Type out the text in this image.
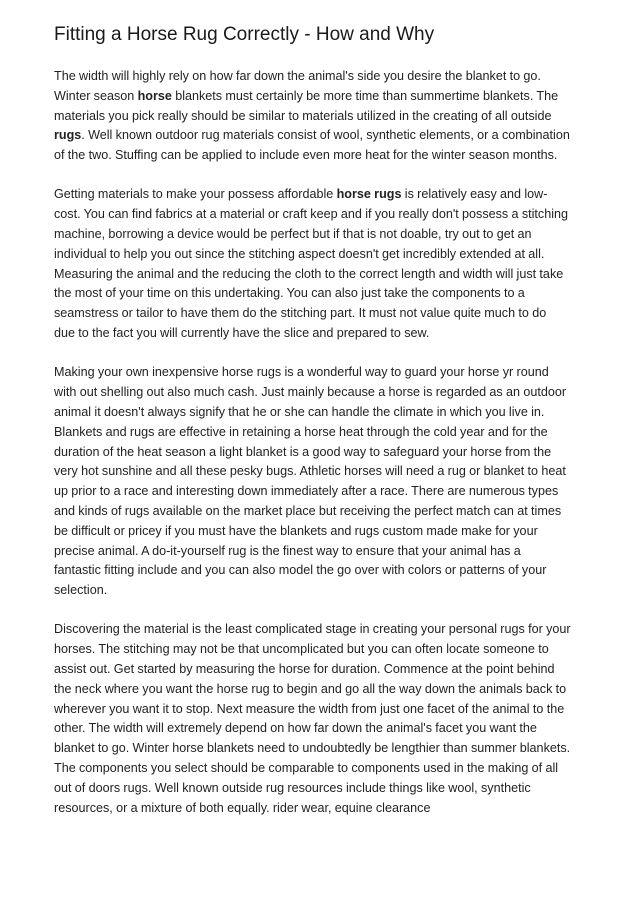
Fitting a Horse Rug Correctly - How and Why
The width will highly rely on how far down the animal's side you desire the blanket to go.
Winter season horse blankets must certainly be more time than summertime blankets. The
materials you pick really should be similar to materials utilized in the creating of all outside
rugs. Well known outdoor rug materials consist of wool, synthetic elements, or a combination
of the two. Stuffing can be applied to include even more heat for the winter season months.
Getting materials to make your possess affordable horse rugs is relatively easy and low-
cost. You can find fabrics at a material or craft keep and if you really don't possess a stitching
machine, borrowing a device would be perfect but if that is not doable, try out to get an
individual to help you out since the stitching aspect doesn't get incredibly extended at all.
Measuring the animal and the reducing the cloth to the correct length and width will just take
the most of your time on this undertaking. You can also just take the components to a
seamstress or tailor to have them do the stitching part. It must not value quite much to do
due to the fact you will currently have the slice and prepared to sew.
Making your own inexpensive horse rugs is a wonderful way to guard your horse yr round
with out shelling out also much cash. Just mainly because a horse is regarded as an outdoor
animal it doesn't always signify that he or she can handle the climate in which you live in.
Blankets and rugs are effective in retaining a horse heat through the cold year and for the
duration of the heat season a light blanket is a good way to safeguard your horse from the
very hot sunshine and all these pesky bugs. Athletic horses will need a rug or blanket to heat
up prior to a race and interesting down immediately after a race. There are numerous types
and kinds of rugs available on the market place but receiving the perfect match can at times
be difficult or pricey if you must have the blankets and rugs custom made make for your
precise animal. A do-it-yourself rug is the finest way to ensure that your animal has a
fantastic fitting include and you can also model the go over with colors or patterns of your
selection.
Discovering the material is the least complicated stage in creating your personal rugs for your
horses. The stitching may not be that uncomplicated but you can often locate someone to
assist out. Get started by measuring the horse for duration. Commence at the point behind
the neck where you want the horse rug to begin and go all the way down the animals back to
wherever you want it to stop. Next measure the width from just one facet of the animal to the
other. The width will extremely depend on how far down the animal's facet you want the
blanket to go. Winter horse blankets need to undoubtedly be lengthier than summer blankets.
The components you select should be comparable to components used in the making of all
out of doors rugs. Well known outside rug resources include things like wool, synthetic
resources, or a mixture of both equally. rider wear, equine clearance
